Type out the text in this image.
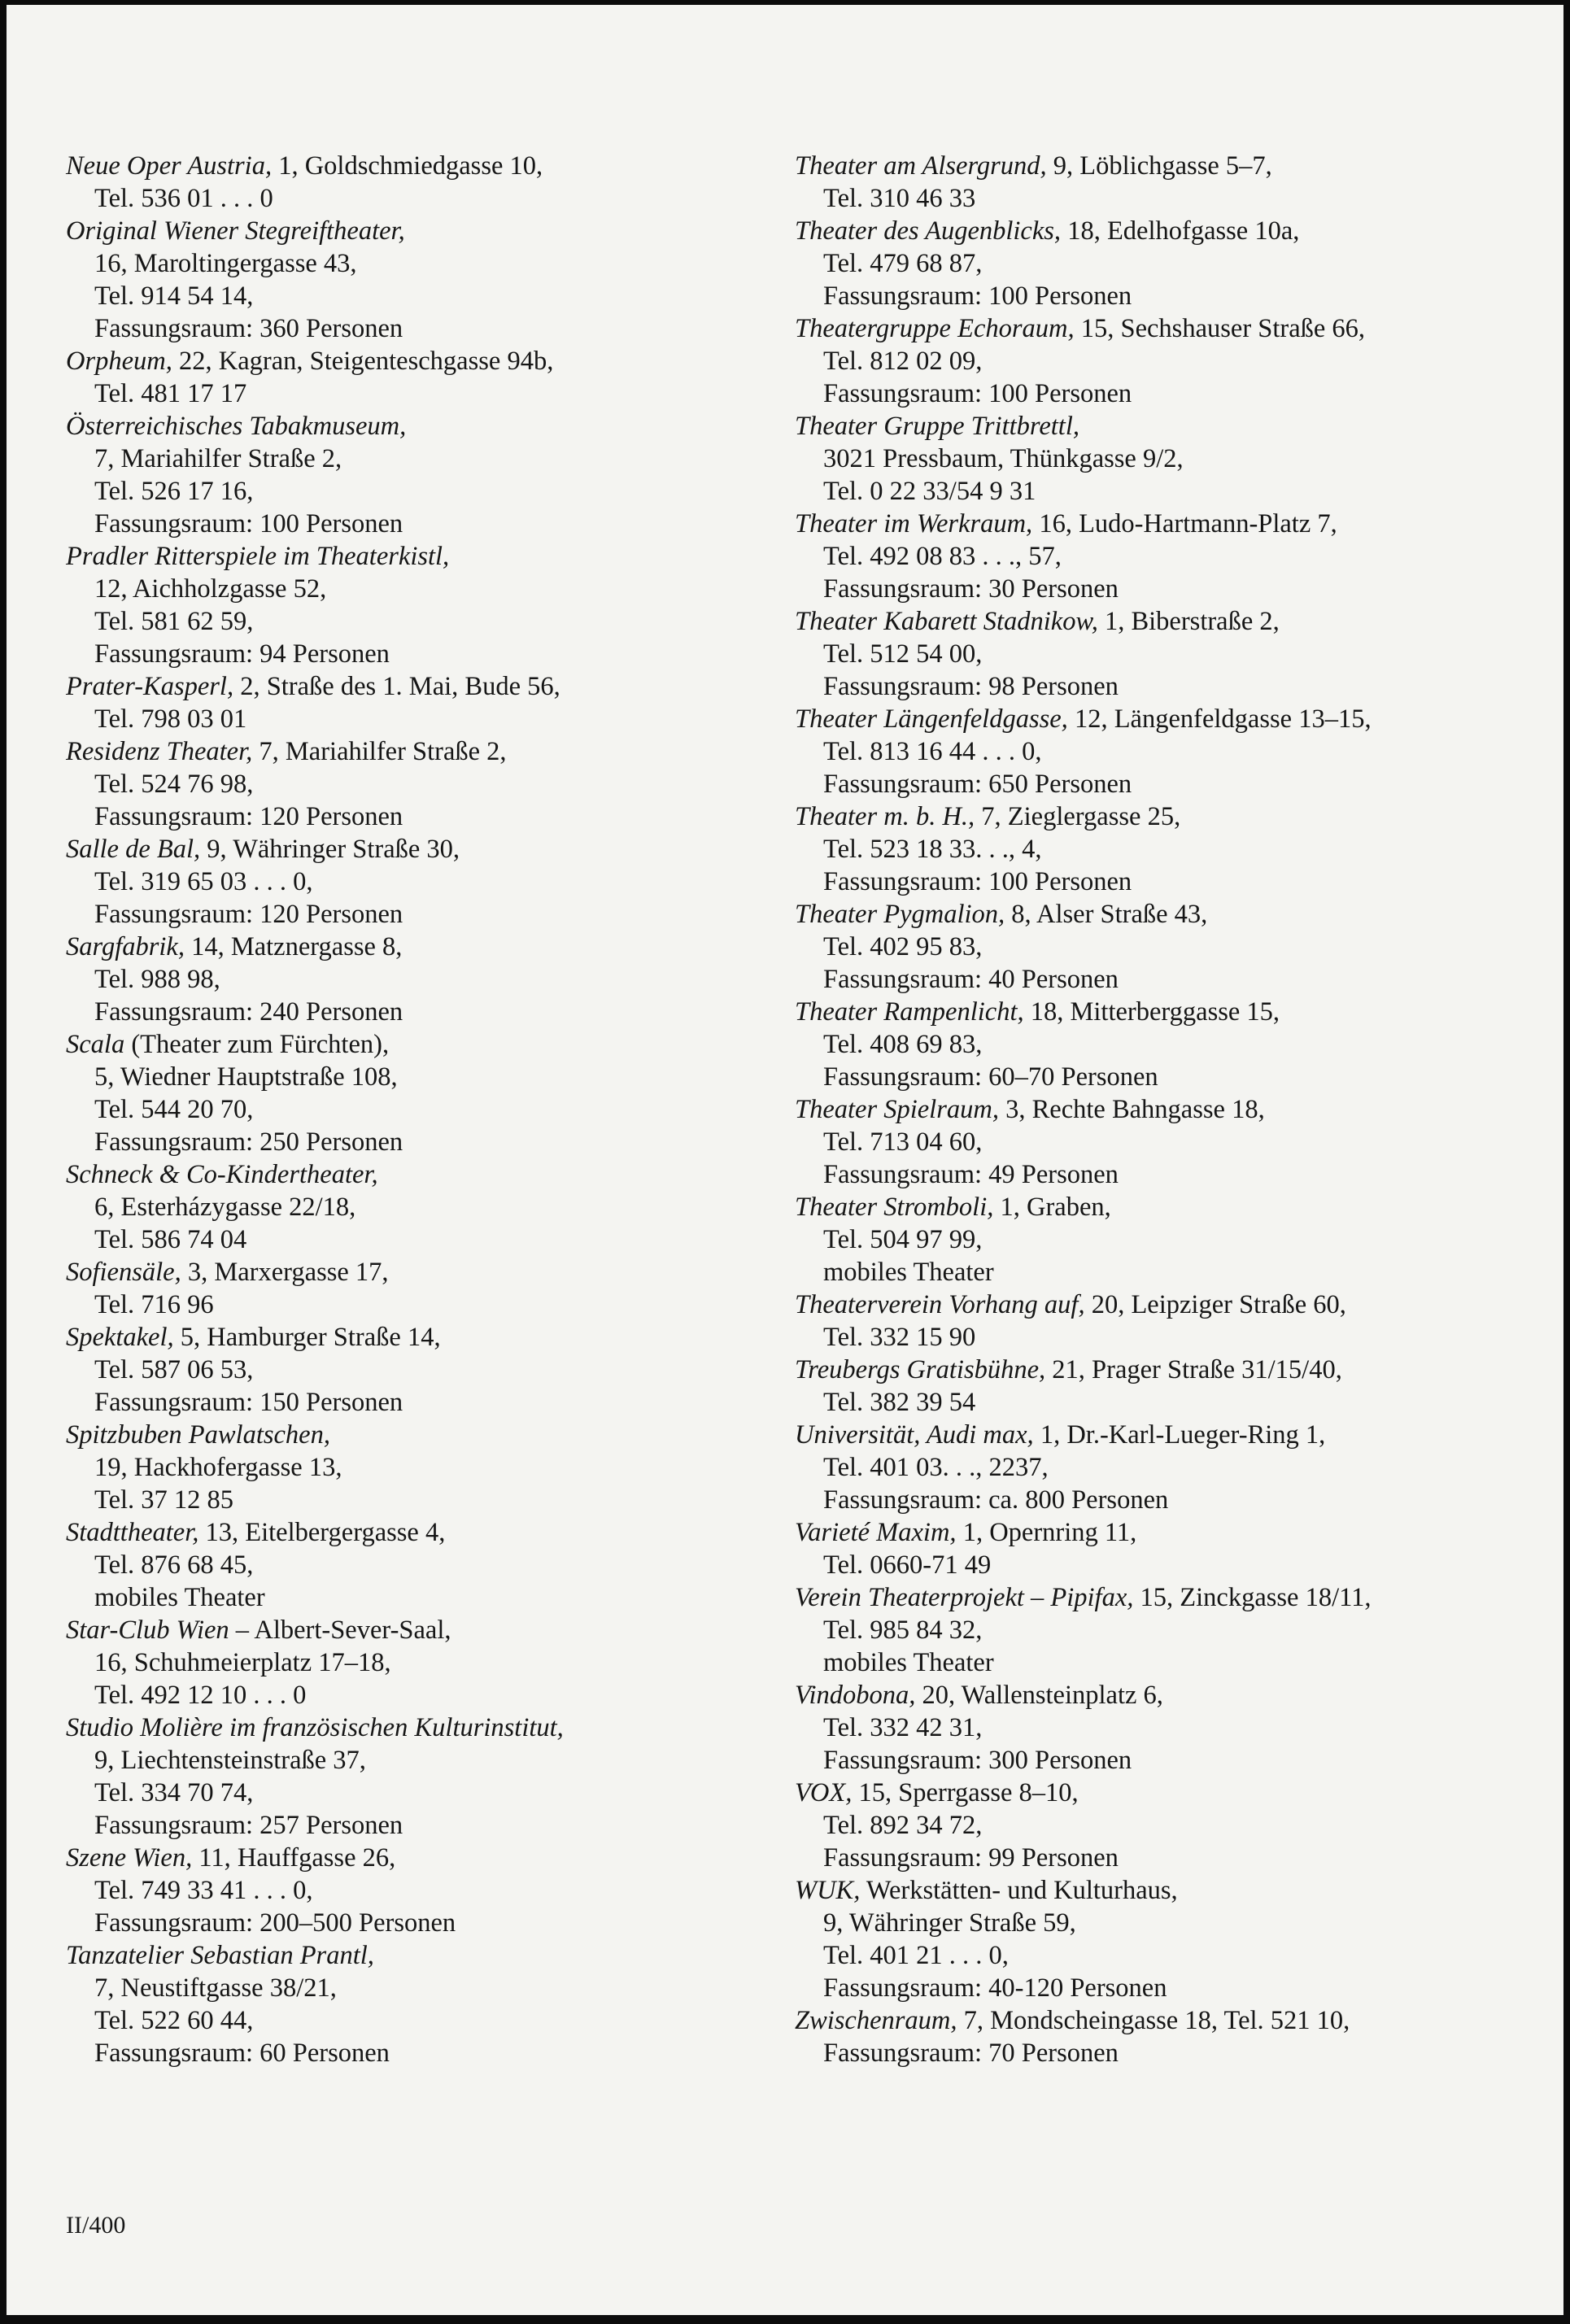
Neue Oper Austria, 1, Goldschmiedgasse 10,
Tel. 536 01 . . . 0
Original Wiener Stegreiftheater,
16, Maroltingergasse 43,
Tel. 914 54 14,
Fassungsraum: 360 Personen
Orpheum, 22, Kagran, Steigenteschgasse 94b,
Tel. 481 17 17
Österreichisches Tabakmuseum,
7, Mariahilfer Straße 2,
Tel. 526 17 16,
Fassungsraum: 100 Personen
Pradler Ritterspiele im Theaterkistl,
12, Aichholzgasse 52,
Tel. 581 62 59,
Fassungsraum: 94 Personen
Prater-Kasperl, 2, Straße des 1. Mai, Bude 56,
Tel. 798 03 01
Residenz Theater, 7, Mariahilfer Straße 2,
Tel. 524 76 98,
Fassungsraum: 120 Personen
Salle de Bal, 9, Währinger Straße 30,
Tel. 319 65 03 . . . 0,
Fassungsraum: 120 Personen
Sargfabrik, 14, Matznergasse 8,
Tel. 988 98,
Fassungsraum: 240 Personen
Scala (Theater zum Fürchten),
5, Wiedner Hauptstraße 108,
Tel. 544 20 70,
Fassungsraum: 250 Personen
Schneck & Co-Kindertheater,
6, Esterházygasse 22/18,
Tel. 586 74 04
Sofiensäle, 3, Marxergasse 17,
Tel. 716 96
Spektakel, 5, Hamburger Straße 14,
Tel. 587 06 53,
Fassungsraum: 150 Personen
Spitzbuben Pawlatschen,
19, Hackhofergasse 13,
Tel. 37 12 85
Stadttheater, 13, Eitelbergergasse 4,
Tel. 876 68 45,
mobiles Theater
Star-Club Wien – Albert-Sever-Saal,
16, Schuhmeierplatz 17–18,
Tel. 492 12 10 . . . 0
Studio Molière im französischen Kulturinstitut,
9, Liechtensteinstraße 37,
Tel. 334 70 74,
Fassungsraum: 257 Personen
Szene Wien, 11, Hauffgasse 26,
Tel. 749 33 41 . . . 0,
Fassungsraum: 200–500 Personen
Tanzatelier Sebastian Prantl,
7, Neustiftgasse 38/21,
Tel. 522 60 44,
Fassungsraum: 60 Personen
Theater am Alsergrund, 9, Löblichgasse 5–7,
Tel. 310 46 33
Theater des Augenblicks, 18, Edelhofgasse 10a,
Tel. 479 68 87,
Fassungsraum: 100 Personen
Theatergruppe Echoraum, 15, Sechshauser Straße 66,
Tel. 812 02 09,
Fassungsraum: 100 Personen
Theater Gruppe Trittbrettl,
3021 Pressbaum, Thünkgasse 9/2,
Tel. 0 22 33/54 9 31
Theater im Werkraum, 16, Ludo-Hartmann-Platz 7,
Tel. 492 08 83 . . ., 57,
Fassungsraum: 30 Personen
Theater Kabarett Stadnikow, 1, Biberstraße 2,
Tel. 512 54 00,
Fassungsraum: 98 Personen
Theater Längenfeldgasse, 12, Längenfeldgasse 13–15,
Tel. 813 16 44 . . . 0,
Fassungsraum: 650 Personen
Theater m. b. H., 7, Zieglergasse 25,
Tel. 523 18 33. . ., 4,
Fassungsraum: 100 Personen
Theater Pygmalion, 8, Alser Straße 43,
Tel. 402 95 83,
Fassungsraum: 40 Personen
Theater Rampenlicht, 18, Mitterberggasse 15,
Tel. 408 69 83,
Fassungsraum: 60–70 Personen
Theater Spielraum, 3, Rechte Bahngasse 18,
Tel. 713 04 60,
Fassungsraum: 49 Personen
Theater Stromboli, 1, Graben,
Tel. 504 97 99,
mobiles Theater
Theaterverein Vorhang auf, 20, Leipziger Straße 60,
Tel. 332 15 90
Treubergs Gratisbühne, 21, Prager Straße 31/15/40,
Tel. 382 39 54
Universität, Audi max, 1, Dr.-Karl-Lueger-Ring 1,
Tel. 401 03. . ., 2237,
Fassungsraum: ca. 800 Personen
Varieté Maxim, 1, Opernring 11,
Tel. 0660-71 49
Verein Theaterprojekt – Pipifax, 15, Zinckgasse 18/11,
Tel. 985 84 32,
mobiles Theater
Vindobona, 20, Wallensteinplatz 6,
Tel. 332 42 31,
Fassungsraum: 300 Personen
VOX, 15, Sperrgasse 8–10,
Tel. 892 34 72,
Fassungsraum: 99 Personen
WUK, Werkstätten- und Kulturhaus,
9, Währinger Straße 59,
Tel. 401 21 . . . 0,
Fassungsraum: 40-120 Personen
Zwischenraum, 7, Mondscheingasse 18, Tel. 521 10,
Fassungsraum: 70 Personen
II/400
